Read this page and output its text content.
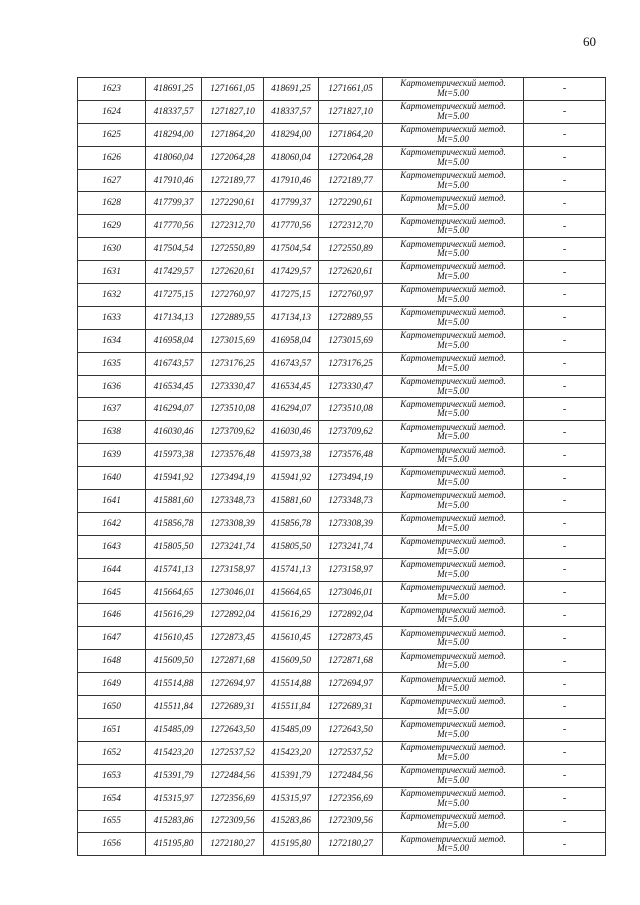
60
1623	418691,25	1271661,05	418691,25	1271661,05	Картометрический метод.
Mt=5.00	-
1624	418337,57	1271827,10	418337,57	1271827,10	Картометрический метод.
Mt=5.00	-
1625	418294,00	1271864,20	418294,00	1271864,20	Картометрический метод.
Mt=5.00	-
1626	418060,04	1272064,28	418060,04	1272064,28	Картометрический метод.
Mt=5.00	-
1627	417910,46	1272189,77	417910,46	1272189,77	Картометрический метод.
Mt=5.00	-
1628	417799,37	1272290,61	417799,37	1272290,61	Картометрический метод.
Mt=5.00	-
1629	417770,56	1272312,70	417770,56	1272312,70	Картометрический метод.
Mt=5.00	-
1630	417504,54	1272550,89	417504,54	1272550,89	Картометрический метод.
Mt=5.00	-
1631	417429,57	1272620,61	417429,57	1272620,61	Картометрический метод.
Mt=5.00	-
1632	417275,15	1272760,97	417275,15	1272760,97	Картометрический метод.
Mt=5.00	-
1633	417134,13	1272889,55	417134,13	1272889,55	Картометрический метод.
Mt=5.00	-
1634	416958,04	1273015,69	416958,04	1273015,69	Картометрический метод.
Mt=5.00	-
1635	416743,57	1273176,25	416743,57	1273176,25	Картометрический метод.
Mt=5.00	-
1636	416534,45	1273330,47	416534,45	1273330,47	Картометрический метод.
Mt=5.00	-
1637	416294,07	1273510,08	416294,07	1273510,08	Картометрический метод.
Mt=5.00	-
1638	416030,46	1273709,62	416030,46	1273709,62	Картометрический метод.
Mt=5.00	-
1639	415973,38	1273576,48	415973,38	1273576,48	Картометрический метод.
Mt=5.00	-
1640	415941,92	1273494,19	415941,92	1273494,19	Картометрический метод.
Mt=5.00	-
1641	415881,60	1273348,73	415881,60	1273348,73	Картометрический метод.
Mt=5.00	-
1642	415856,78	1273308,39	415856,78	1273308,39	Картометрический метод.
Mt=5.00	-
1643	415805,50	1273241,74	415805,50	1273241,74	Картометрический метод.
Mt=5.00	-
1644	415741,13	1273158,97	415741,13	1273158,97	Картометрический метод.
Mt=5.00	-
1645	415664,65	1273046,01	415664,65	1273046,01	Картометрический метод.
Mt=5.00	-
1646	415616,29	1272892,04	415616,29	1272892,04	Картометрический метод.
Mt=5.00	-
1647	415610,45	1272873,45	415610,45	1272873,45	Картометрический метод.
Mt=5.00	-
1648	415609,50	1272871,68	415609,50	1272871,68	Картометрический метод.
Mt=5.00	-
1649	415514,88	1272694,97	415514,88	1272694,97	Картометрический метод.
Mt=5.00	-
1650	415511,84	1272689,31	415511,84	1272689,31	Картометрический метод.
Mt=5.00	-
1651	415485,09	1272643,50	415485,09	1272643,50	Картометрический метод.
Mt=5.00	-
1652	415423,20	1272537,52	415423,20	1272537,52	Картометрический метод.
Mt=5.00	-
1653	415391,79	1272484,56	415391,79	1272484,56	Картометрический метод.
Mt=5.00	-
1654	415315,97	1272356,69	415315,97	1272356,69	Картометрический метод.
Mt=5.00	-
1655	415283,86	1272309,56	415283,86	1272309,56	Картометрический метод.
Mt=5.00	-
1656	415195,80	1272180,27	415195,80	1272180,27	Картометрический метод.
Mt=5.00	-
